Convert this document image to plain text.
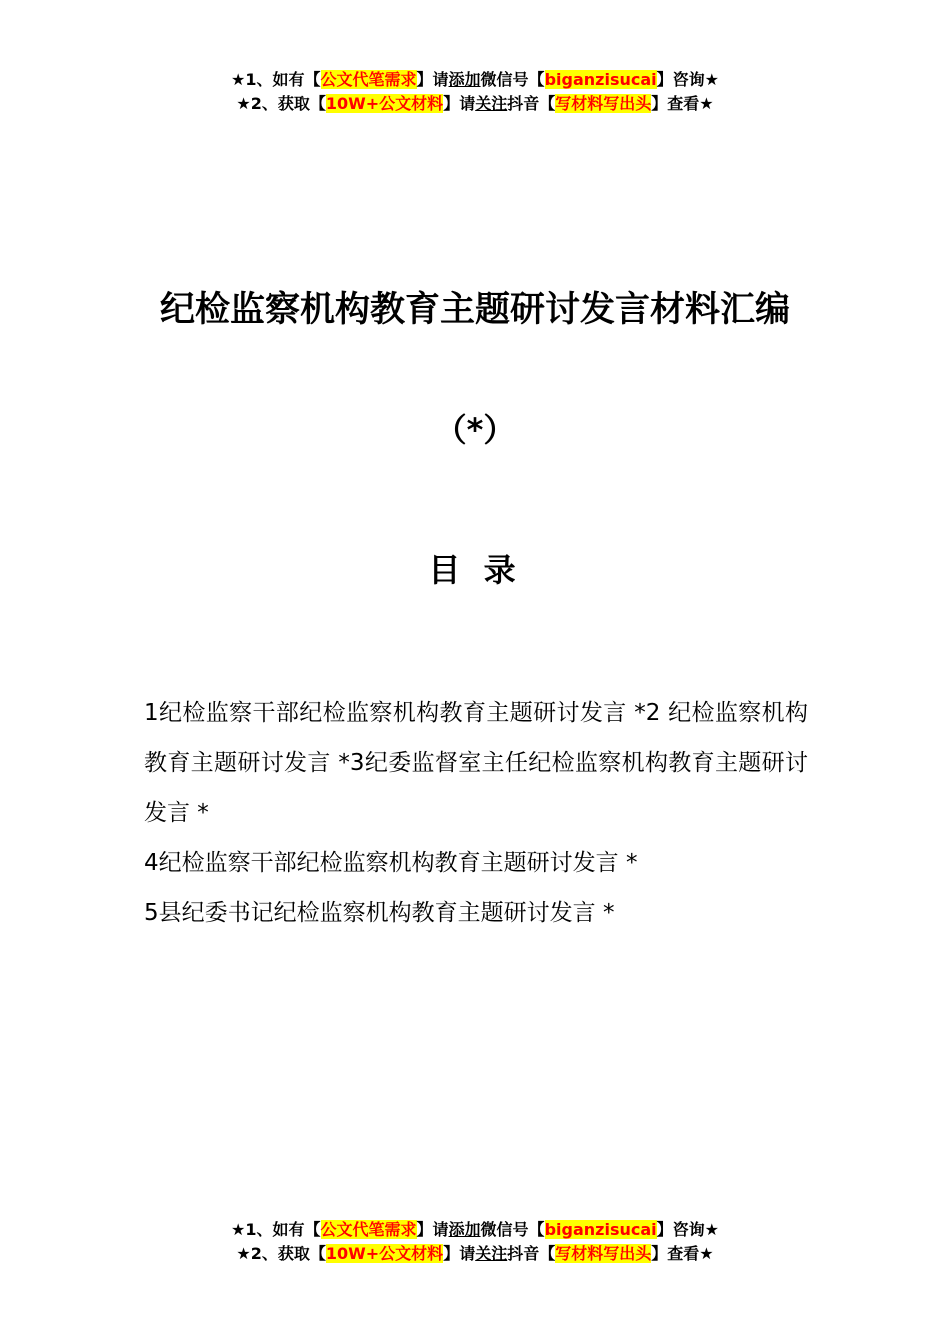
★1、如有【公文代笔需求】请添加微信号【biganzisucai】咨询★
★2、获取【10W+公文材料】请关注抖音【写材料写出头】查看★
纪检监察机构教育主题研讨发言材料汇编
（*）
目 录
1纪检监察干部纪检监察机构教育主题研讨发言 *2 纪检监察机构教育主题研讨发言 *3纪委监督室主任纪检监察机构教育主题研讨发言 *
4纪检监察干部纪检监察机构教育主题研讨发言 *
5县纪委书记纪检监察机构教育主题研讨发言 *
★1、如有【公文代笔需求】请添加微信号【biganzisucai】咨询★
★2、获取【10W+公文材料】请关注抖音【写材料写出头】查看★
